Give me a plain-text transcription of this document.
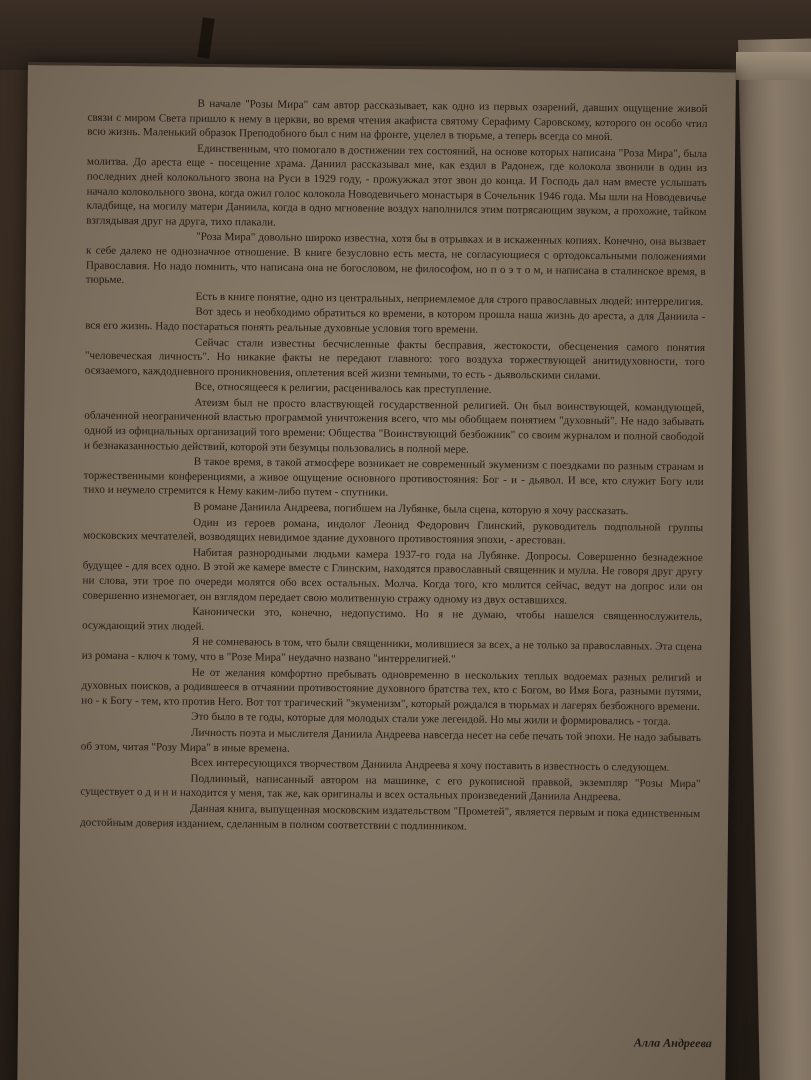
В начале "Розы Мира" сам автор рассказывает, как одно из первых озарений, давших ощущение живой связи с миром Света пришло к нему в церкви, во время чтения акафиста святому Серафиму Саровскому, которого он особо чтил всю жизнь. Маленький образок Преподобного был с ним на фронте, уцелел в тюрьме, а теперь всегда со мной.

Единственным, что помогало в достижении тех состояний, на основе которых написана "Роза Мира", была молитва. До ареста еще - посещение храма. Даниил рассказывал мне, как ездил в Радонеж, где колокола звонили в один из последних дней колокольного звона на Руси в 1929 году, - прожужжал этот звон до конца. И Господь дал нам вместе услышать начало колокольного звона, когда ожил голос колокола Новодевичьего монастыря в Сочельник 1946 года. Мы шли на Новодевичье кладбище, на могилу матери Даниила, когда в одно мгновение воздух наполнился этим потрясающим звуком, а прохожие, тайком взглядывая друг на друга, тихо плакали.

"Роза Мира" довольно широко известна, хотя бы в отрывках и в искаженных копиях. Конечно, она вызвает к себе далеко не однозначное отношение. В книге безусловно есть места, не согласующиеся с ортодоксальными положениями Православия. Но надо помнить, что написана она не богословом, не философом, но п о э т о м, и написана в сталинское время, в тюрьме.

Есть в книге понятие, одно из центральных, неприемлемое для строго православных людей: интеррелигия.

Вот здесь и необходимо обратиться ко времени, в котором прошла наша жизнь до ареста, а для Даниила - вся его жизнь. Надо постараться понять реальные духовные условия того времени.

Сейчас стали известны бесчисленные факты бесправия, жестокости, обесценения самого понятия "человеческая личность". Но никакие факты не передают главного: того воздуха торжествующей анитидуховности, того осязаемого, каждодневного проникновения, оплетения всей жизни темными, то есть - дьявольскими силами.

Все, относящееся к религии, расценивалось как преступление.

Атеизм был не просто властвующей государственной религией. Он был воинствующей, командующей, облаченной неограниченной властью программой уничтожения всего, что мы обобщаем понятием "духовный". Не надо забывать одной из официальных организаций того времени: Общества "Воинствующий безбожник" со своим журналом и полной свободой и безнаказанностью действий, которой эти безумцы пользовались в полной мере.

В такое время, в такой атмосфере возникает не современный экуменизм с поездками по разным странам и торжественными конференциями, а живое ощущение основного противостояния: Бог - и - дьявол. И все, кто служит Богу или тихо и неумело стремится к Нему каким-либо путем - спутники.

В романе Даниила Андреева, погибшем на Лубянке, была сцена, которую я хочу рассказать.

Один из героев романа, индолог Леонид Федорович Глинский, руководитель подпольной группы московских мечтателей, возводящих невидимое здание духовного противостояния эпохи, - арестован.

Набитая разнородными людьми камера 1937-го года на Лубянке. Допросы. Совершенно безнадежное будущее - для всех одно. В этой же камере вместе с Глинским, находятся православный священник и мулла. Не говоря друг другу ни слова, эти трое по очереди молятся обо всех остальных. Молча. Когда того, кто молится сейчас, ведут на допрос или он совершенно изнемогает, он взглядом передает свою молитвенную стражу одному из двух оставшихся.

Канонически это, конечно, недопустимо. Но я не думаю, чтобы нашелся священнослужитель, осуждающий этих людей.

Я не сомневаюсь в том, что были священники, молившиеся за всех, а не только за православных. Эта сцена из романа - ключ к тому, что в "Розе Мира" неудачно названо "интеррелигией."

Не от желания комфортно пребывать одновременно в нескольких теплых водоемах разных религий и духовных поисков, а родившееся в отчаянии противостояние духовного братства тех, кто с Богом, во Имя Бога, разными путями, но - к Богу - тем, кто против Него. Вот тот трагический "экуменизм", который рождался в тюрьмах и лагерях безбожного времени.

Это было в те годы, которые для молодых стали уже легендой. Но мы жили и формировались - тогда.

Личность поэта и мыслителя Даниила Андреева навсегда несет на себе печать той эпохи. Не надо забывать об этом, читая "Розу Мира" в иные времена.

Всех интересующихся творчеством Даниила Андреева я хочу поставить в известность о следующем.

Подлинный, написанный автором на машинке, с его рукописной правкой, экземпляр "Розы Мира" существует о д и н и находится у меня, так же, как оригиналы и всех остальных произведений Даниила Андреева.

Данная книга, выпущенная московским издательством "Прометей", является первым и пока единственным достойным доверия изданием, сделанным в полном соответствии с подлинником.

Алла Андреева
